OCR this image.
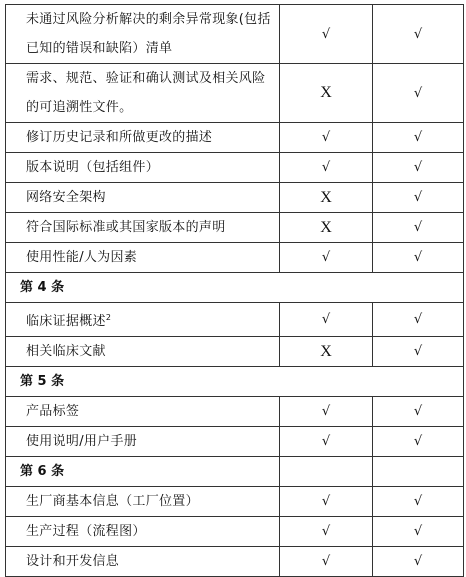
未通过风险分析解决的剩余异常现象(包括已知的错误和缺陷）清单	√	√
需求、规范、验证和确认测试及相关风险的可追溯性文件。	X	√
修订历史记录和所做更改的描述	√	√
版本说明（包括组件）	√	√
网络安全架构	X	√
符合国际标准或其国家版本的声明	X	√
使用性能/人为因素	√	√
第 4 条		
临床证据概述$^2$	√	√
相关临床文献	X	√
第 5 条		
产品标签	√	√
使用说明/用户手册	√	√
第 6 条		
生厂商基本信息（工厂位置）	√	√
生产过程（流程图）	√	√
设计和开发信息	√	√
